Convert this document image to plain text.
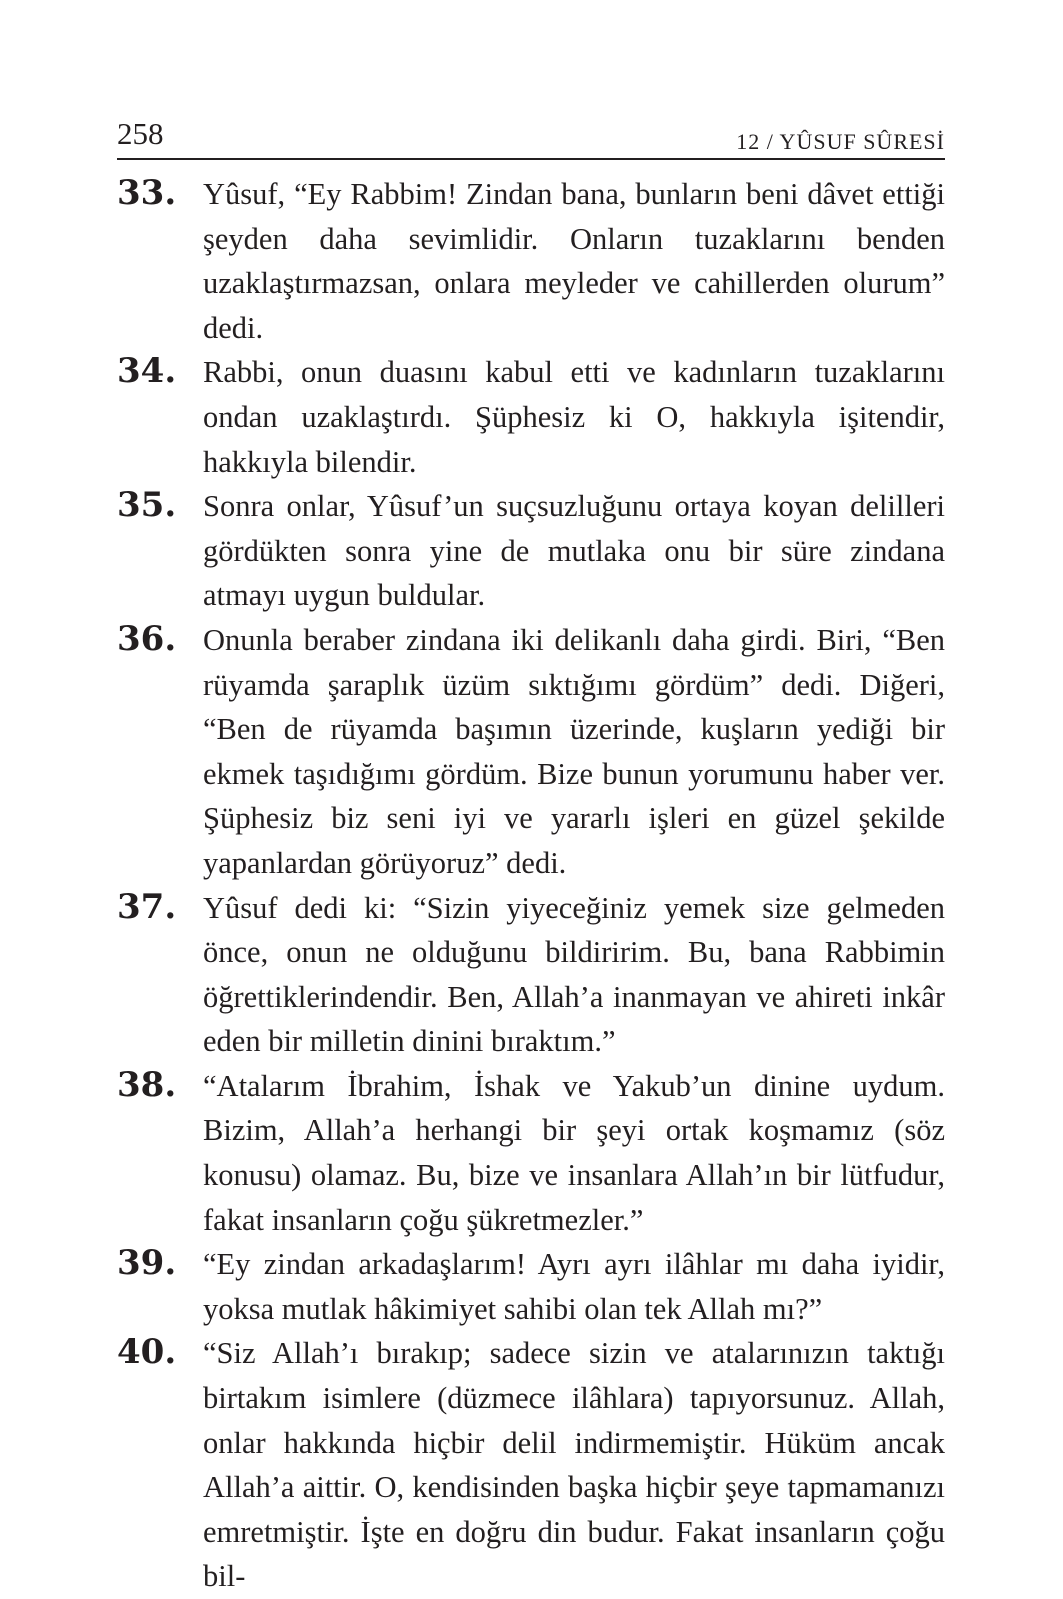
258	12 / YÛSUF SÛRESİ
33. Yûsuf, “Ey Rabbim! Zindan bana, bunların beni dâvet ettiği şeyden daha sevimlidir. Onların tuzaklarını benden uzaklaştırmazsan, onlara meyleder ve cahillerden olurum” dedi.
34. Rabbi, onun duasını kabul etti ve kadınların tuzaklarını ondan uzaklaştırdı. Şüphesiz ki O, hakkıyla işitendir, hakkıyla bilendir.
35. Sonra onlar, Yûsuf’un suçsuzluğunu ortaya koyan delilleri gördükten sonra yine de mutlaka onu bir süre zindana atmayı uygun buldular.
36. Onunla beraber zindana iki delikanlı daha girdi. Biri, “Ben rüyamda şaraplık üzüm sıktığımı gördüm” dedi. Diğeri, “Ben de rüyamda başımın üzerinde, kuşların yediği bir ekmek taşıdığımı gördüm. Bize bunun yorumunu haber ver. Şüphesiz biz seni iyi ve yararlı işleri en güzel şekilde yapanlardan görüyoruz” dedi.
37. Yûsuf dedi ki: “Sizin yiyeceğiniz yemek size gelmeden önce, onun ne olduğunu bildiririm. Bu, bana Rabbimin öğrettiklerindendir. Ben, Allah’a inanmayan ve ahireti inkâr eden bir milletin dinini bıraktım.”
38. “Atalarım İbrahim, İshak ve Yakub’un dinine uydum. Bizim, Allah’a herhangi bir şeyi ortak koşmamız (söz konusu) olamaz. Bu, bize ve insanlara Allah’ın bir lütfudur, fakat insanların çoğu şükretmezler.”
39. “Ey zindan arkadaşlarım! Ayrı ayrı ilâhlar mı daha iyidir, yoksa mutlak hâkimiyet sahibi olan tek Allah mı?”
40. “Siz Allah’ı bırakıp; sadece sizin ve atalarınızın taktığı birtakım isimlere (düzmece ilâhlara) tapıyorsunuz. Allah, onlar hakkında hiçbir delil indirmemiştir. Hüküm ancak Allah’a aittir. O, kendisinden başka hiçbir şeye tapmamanızı emretmiştir. İşte en doğru din budur. Fakat insanların çoğu bil-
